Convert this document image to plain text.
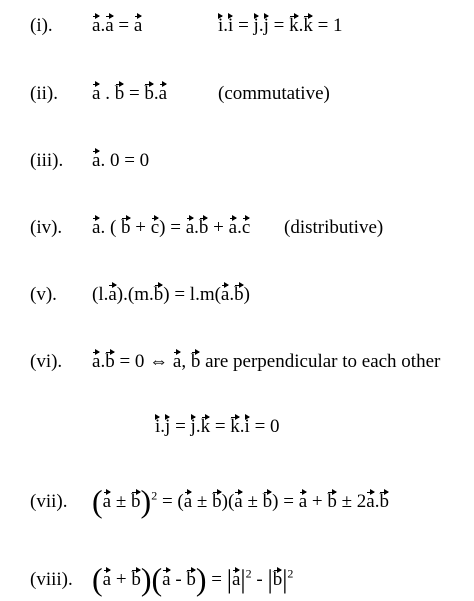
(i). a.a = a	i.i = j.j = k.k = 1
(ii). a . b = b.a	(commutative)
(iii). a. 0 = 0
(iv). a. ( b + c) = a.b + a.c (distributive)
(v). (l.a).(m.b) = l.m(a.b)
(vi). a.b = 0 ⇔ a, b are perpendicular to each other
i.j = j.k = k.i = 0
(vii). $(a \pm b)^2 = (a \pm b)(a \pm b) = a + b \pm 2a.b$
(viii). $(a + b)(a - b) = |a|^2 - |b|^2$
